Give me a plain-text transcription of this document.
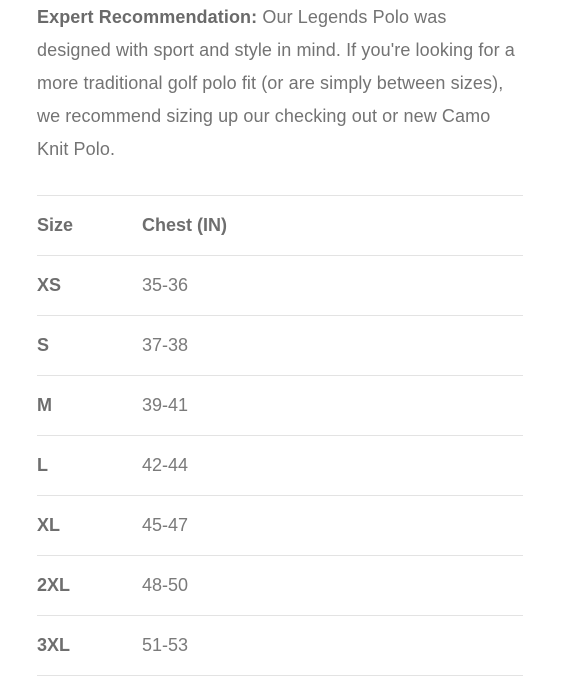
Expert Recommendation: Our Legends Polo was designed with sport and style in mind. If you're looking for a more traditional golf polo fit (or are simply between sizes), we recommend sizing up our checking out or new Camo Knit Polo.

Size	Chest (IN)
XS	35-36
S	37-38
M	39-41
L	42-44
XL	45-47
2XL	48-50
3XL	51-53
